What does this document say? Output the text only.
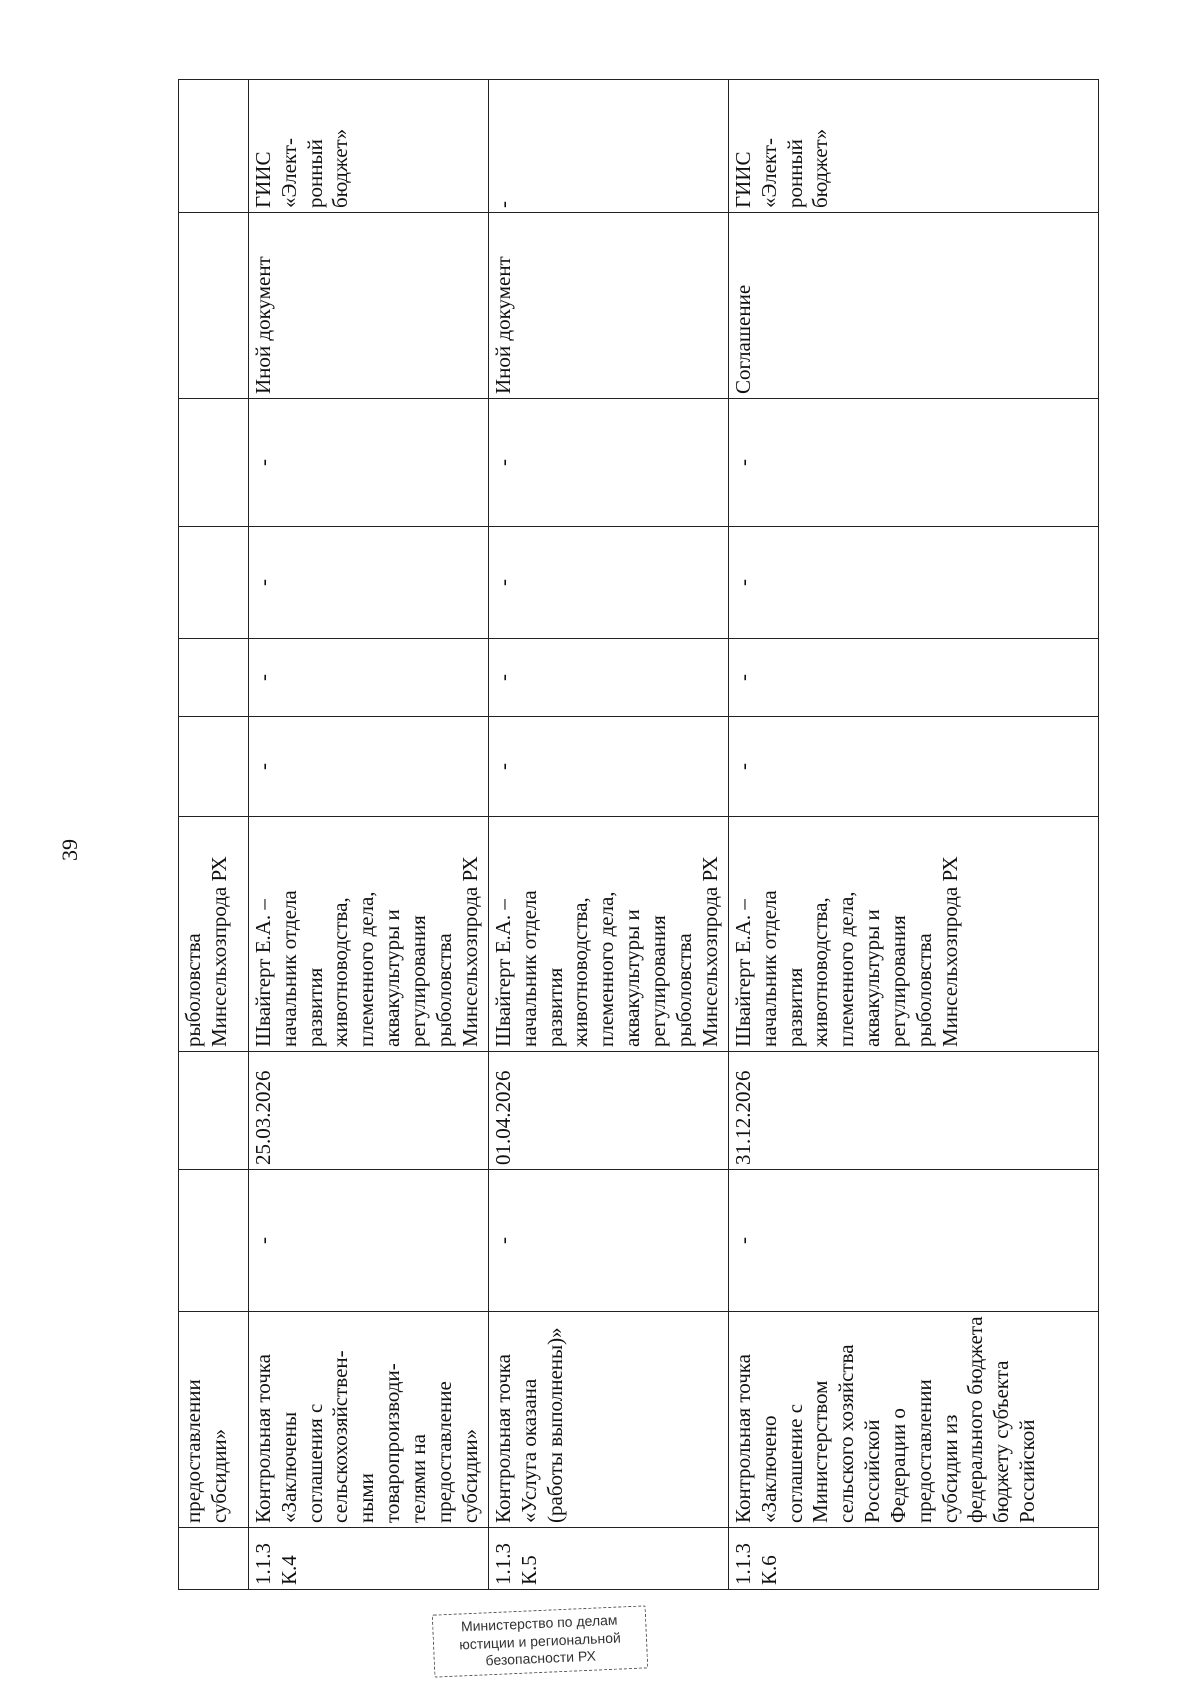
39
	предоставлении субсидии»			рыболовства Минсельхозпрода РХ						
1.1.3 К.4	Контрольная точка «Заключены соглашения с сельскохозяйствен-ными товаропроизводи-телями на предоставление субсидии»	-	25.03.2026	Швайгерт Е.А. – начальник отдела развития животноводства, племенного дела, аквакультуры и регулирования рыболовства Минсельхозпрода РХ	-	-	-	-	Иной документ	ГИИС «Элект-ронный бюджет»
1.1.3 К.5	Контрольная точка «Услуга оказана (работы выполнены)»	-	01.04.2026	Швайгерт Е.А. – начальник отдела развития животноводства, племенного дела, аквакультуры и регулирования рыболовства Минсельхозпрода РХ	-	-	-	-	Иной документ	-
1.1.3 К.6	Контрольная точка «Заключено соглашение с Министерством сельского хозяйства Российской Федерации о предоставлении субсидии из федерального бюджета бюджету субъекта Российской	-	31.12.2026	Швайгерт Е.А. – начальник отдела развития животноводства, племенного дела, аквакультуры и регулирования рыболовства Минсельхозпрода РХ	-	-	-	-	Соглашение	ГИИС «Элект-ронный бюджет»
Министерство по делам юстиции и региональной безопасности РХ
